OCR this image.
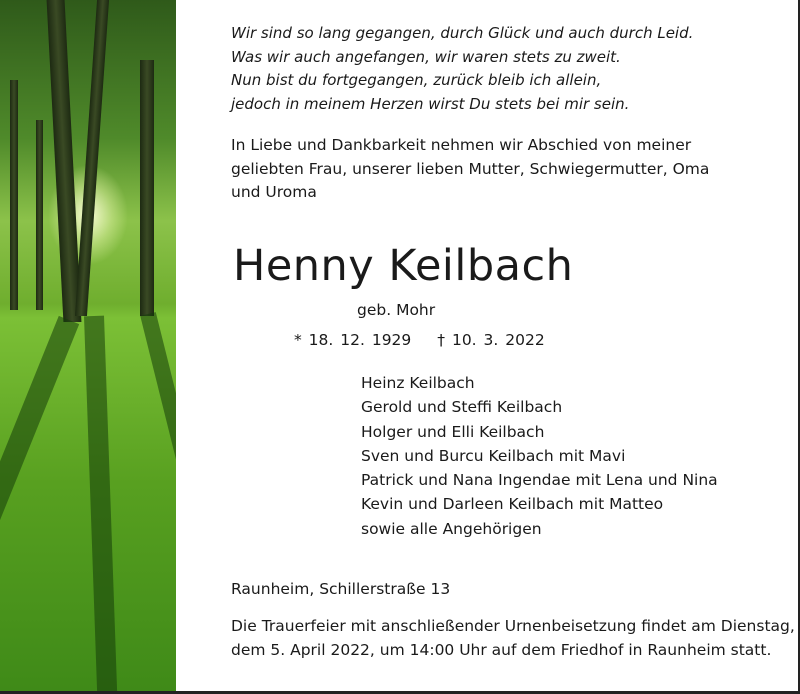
Wir sind so lang gegangen, durch Glück und auch durch Leid.
Was wir auch angefangen, wir waren stets zu zweit.
Nun bist du fortgegangen, zurück bleib ich allein,
jedoch in meinem Herzen wirst Du stets bei mir sein.
In Liebe und Dankbarkeit nehmen wir Abschied von meiner
geliebten Frau, unserer lieben Mutter, Schwiegermutter, Oma
und Uroma
Henny Keilbach
geb. Mohr
* 18. 12. 1929 † 10. 3. 2022
Heinz Keilbach
Gerold und Steffi Keilbach
Holger und Elli Keilbach
Sven und Burcu Keilbach mit Mavi
Patrick und Nana Ingendae mit Lena und Nina
Kevin und Darleen Keilbach mit Matteo
sowie alle Angehörigen
Raunheim, Schillerstraße 13
Die Trauerfeier mit anschließender Urnenbeisetzung findet am Dienstag,
dem 5. April 2022, um 14:00 Uhr auf dem Friedhof in Raunheim statt.
